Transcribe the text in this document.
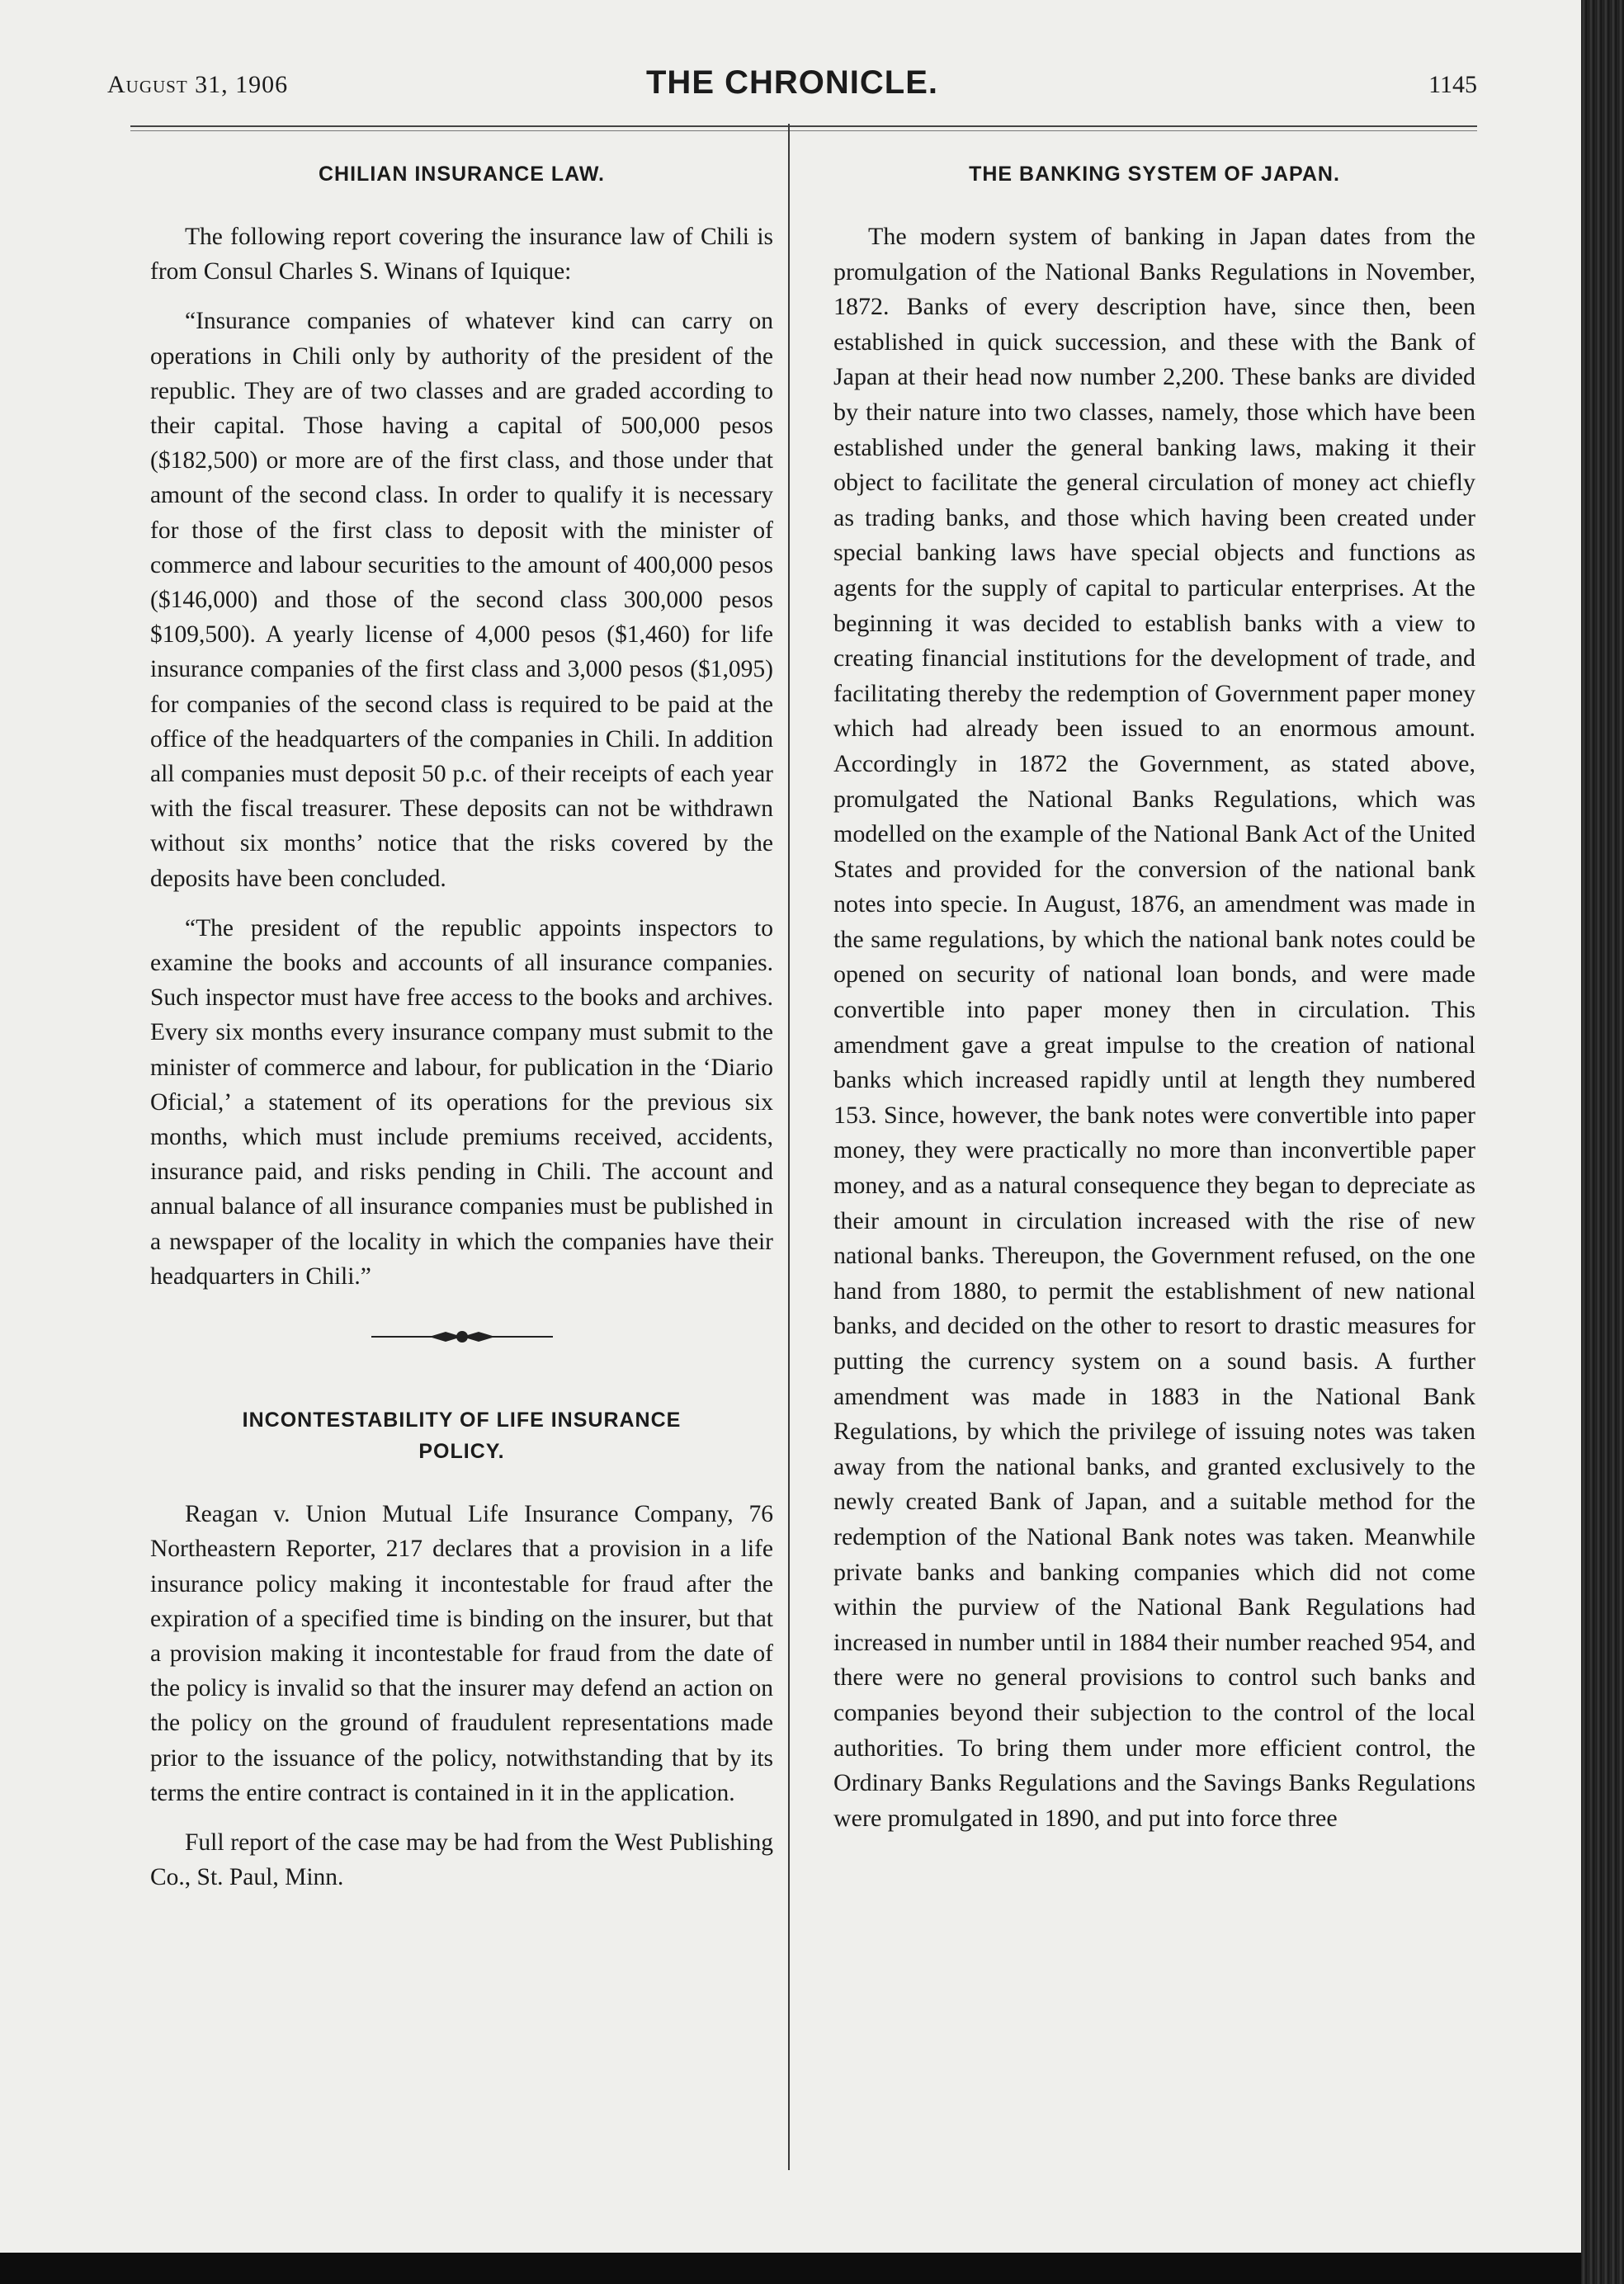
August 31, 1906	THE CHRONICLE.	1145
CHILIAN INSURANCE LAW.

The following report covering the insurance law of Chili is from Consul Charles S. Winans of Iquique:

“Insurance companies of whatever kind can carry on operations in Chili only by authority of the president of the republic. They are of two classes and are graded according to their capital. Those having a capital of 500,000 pesos ($182,500) or more are of the first class, and those under that amount of the second class. In order to qualify it is necessary for those of the first class to deposit with the minister of commerce and labour securities to the amount of 400,000 pesos ($146,000) and those of the second class 300,000 pesos $109,500). A yearly license of 4,000 pesos ($1,460) for life insurance companies of the first class and 3,000 pesos ($1,095) for companies of the second class is required to be paid at the office of the headquarters of the companies in Chili. In addition all companies must deposit 50 p.c. of their receipts of each year with the fiscal treasurer. These deposits can not be withdrawn without six months’ notice that the risks covered by the deposits have been concluded.

“The president of the republic appoints inspectors to examine the books and accounts of all insurance companies. Such inspector must have free access to the books and archives. Every six months every insurance company must submit to the minister of commerce and labour, for publication in the ‘Diario Oficial,’ a statement of its operations for the previous six months, which must include premiums received, accidents, insurance paid, and risks pending in Chili. The account and annual balance of all insurance companies must be published in a newspaper of the locality in which the companies have their headquarters in Chili.”

INCONTESTABILITY OF LIFE INSURANCE
POLICY.

Reagan v. Union Mutual Life Insurance Company, 76 Northeastern Reporter, 217 declares that a provision in a life insurance policy making it incontestable for fraud after the expiration of a specified time is binding on the insurer, but that a provision making it incontestable for fraud from the date of the policy is invalid so that the insurer may defend an action on the policy on the ground of fraudulent representations made prior to the issuance of the policy, notwithstanding that by its terms the entire contract is contained in it in the application.

Full report of the case may be had from the West Publishing Co., St. Paul, Minn.

THE BANKING SYSTEM OF JAPAN.

The modern system of banking in Japan dates from the promulgation of the National Banks Regulations in November, 1872. Banks of every description have, since then, been established in quick succession, and these with the Bank of Japan at their head now number 2,200. These banks are divided by their nature into two classes, namely, those which have been established under the general banking laws, making it their object to facilitate the general circulation of money act chiefly as trading banks, and those which having been created under special banking laws have special objects and functions as agents for the supply of capital to particular enterprises. At the beginning it was decided to establish banks with a view to creating financial institutions for the development of trade, and facilitating thereby the redemption of Government paper money which had already been issued to an enormous amount. Accordingly in 1872 the Government, as stated above, promulgated the National Banks Regulations, which was modelled on the example of the National Bank Act of the United States and provided for the conversion of the national bank notes into specie. In August, 1876, an amendment was made in the same regulations, by which the national bank notes could be opened on security of national loan bonds, and were made convertible into paper money then in circulation. This amendment gave a great impulse to the creation of national banks which increased rapidly until at length they numbered 153. Since, however, the bank notes were convertible into paper money, they were practically no more than inconvertible paper money, and as a natural consequence they began to depreciate as their amount in circulation increased with the rise of new national banks. Thereupon, the Government refused, on the one hand from 1880, to permit the establishment of new national banks, and decided on the other to resort to drastic measures for putting the currency system on a sound basis. A further amendment was made in 1883 in the National Bank Regulations, by which the privilege of issuing notes was taken away from the national banks, and granted exclusively to the newly created Bank of Japan, and a suitable method for the redemption of the National Bank notes was taken. Meanwhile private banks and banking companies which did not come within the purview of the National Bank Regulations had increased in number until in 1884 their number reached 954, and there were no general provisions to control such banks and companies beyond their subjection to the control of the local authorities. To bring them under more efficient control, the Ordinary Banks Regulations and the Savings Banks Regulations were promulgated in 1890, and put into force three
